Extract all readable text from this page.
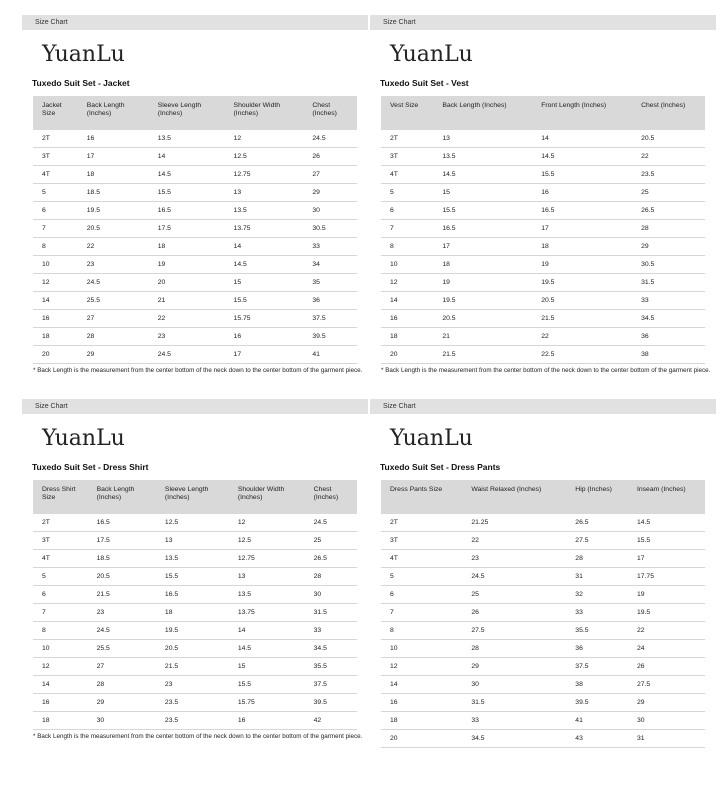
Size Chart
YuanLu
Tuxedo Suit Set - Jacket
Jacket Size	Back Length (Inches)	Sleeve Length (Inches)	Shoulder Width (Inches)	Chest (Inches)
2T	16	13.5	12	24.5
3T	17	14	12.5	26
4T	18	14.5	12.75	27
5	18.5	15.5	13	29
6	19.5	16.5	13.5	30
7	20.5	17.5	13.75	30.5
8	22	18	14	33
10	23	19	14.5	34
12	24.5	20	15	35
14	25.5	21	15.5	36
16	27	22	15.75	37.5
18	28	23	16	39.5
20	29	24.5	17	41
* Back Length is the measurement from the center bottom of the neck down to the center bottom of the garment piece.
Size Chart
YuanLu
Tuxedo Suit Set - Vest
Vest Size	Back Length (Inches)	Front Length (Inches)	Chest (Inches)
2T	13	14	20.5
3T	13.5	14.5	22
4T	14.5	15.5	23.5
5	15	16	25
6	15.5	16.5	26.5
7	16.5	17	28
8	17	18	29
10	18	19	30.5
12	19	19.5	31.5
14	19.5	20.5	33
16	20.5	21.5	34.5
18	21	22	36
20	21.5	22.5	38
* Back Length is the measurement from the center bottom of the neck down to the center bottom of the garment piece.
Size Chart
YuanLu
Tuxedo Suit Set - Dress Shirt
Dress Shirt Size	Back Length (Inches)	Sleeve Length (Inches)	Shoulder Width (Inches)	Chest (Inches)
2T	16.5	12.5	12	24.5
3T	17.5	13	12.5	25
4T	18.5	13.5	12.75	26.5
5	20.5	15.5	13	28
6	21.5	16.5	13.5	30
7	23	18	13.75	31.5
8	24.5	19.5	14	33
10	25.5	20.5	14.5	34.5
12	27	21.5	15	35.5
14	28	23	15.5	37.5
16	29	23.5	15.75	39.5
18	30	23.5	16	42
* Back Length is the measurement from the center bottom of the neck down to the center bottom of the garment piece.
Size Chart
YuanLu
Tuxedo Suit Set - Dress Pants
Dress Pants Size	Waist Relaxed (Inches)	Hip (Inches)	Inseam (Inches)
2T	21.25	26.5	14.5
3T	22	27.5	15.5
4T	23	28	17
5	24.5	31	17.75
6	25	32	19
7	26	33	19.5
8	27.5	35.5	22
10	28	36	24
12	29	37.5	26
14	30	38	27.5
16	31.5	39.5	29
18	33	41	30
20	34.5	43	31
